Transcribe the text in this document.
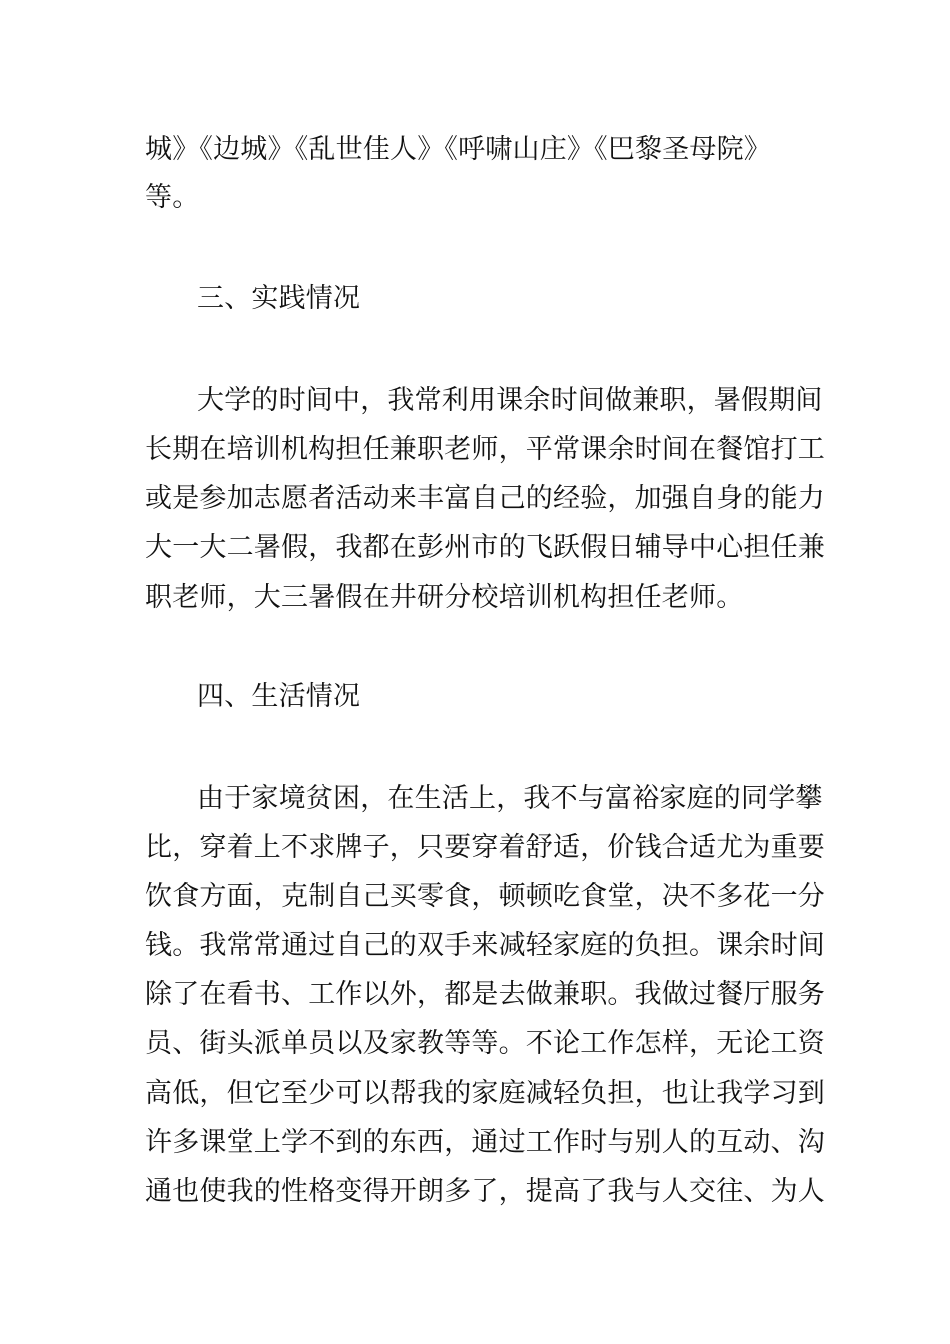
城》《边城》《乱世佳人》《呼啸山庄》《巴黎圣母院》
等。
三、实践情况
大学的时间中，我常利用课余时间做兼职，暑假期间
长期在培训机构担任兼职老师，平常课余时间在餐馆打工
或是参加志愿者活动来丰富自己的经验，加强自身的能力
大一大二暑假，我都在彭州市的飞跃假日辅导中心担任兼
职老师，大三暑假在井研分校培训机构担任老师。
四、生活情况
由于家境贫困，在生活上，我不与富裕家庭的同学攀
比，穿着上不求牌子，只要穿着舒适，价钱合适尤为重要
饮食方面，克制自己买零食，顿顿吃食堂，决不多花一分
钱。我常常通过自己的双手来减轻家庭的负担。课余时间
除了在看书、工作以外，都是去做兼职。我做过餐厅服务
员、街头派单员以及家教等等。不论工作怎样，无论工资
高低，但它至少可以帮我的家庭减轻负担，也让我学习到
许多课堂上学不到的东西，通过工作时与别人的互动、沟
通也使我的性格变得开朗多了，提高了我与人交往、为人
